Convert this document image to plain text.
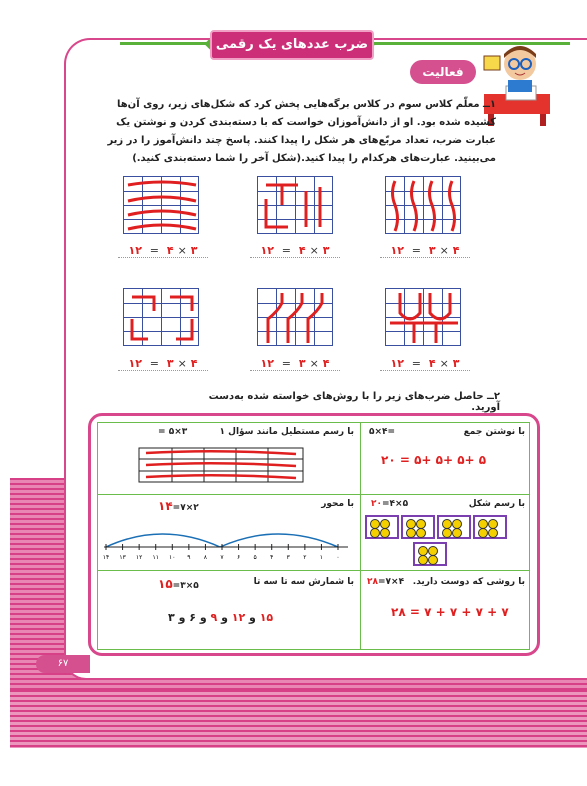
ضرب عددهای یک رقمی
فعالیت
۱ــ معلّم کلاس سوم در کلاس برگه‌هایی پخش کرد که شکل‌های زیر، روی آن‌ها کشیده شده بود. او از دانش‌آموزان خواست که با دسته‌بندی کردن و نوشتن یک عبارت ضرب، تعداد مربّع‌های هر شکل را پیدا کنند. پاسخ چند دانش‌آموز را در زیر می‌بینید. عبارت‌های هرکدام را پیدا کنید.(شکل آخر را شما دسته‌بندی کنید.)
۱۲ = ۳ × ۴
۱۲ = ۴ × ۳
۱۲ = ۴ × ۳
۱۲ = ۴ × ۳
۱۲ = ۳ × ۴
۱۲ = ۳ × ۴
۲ــ حاصل ضرب‌های زیر را با روش‌های خواسته شده به‌دست آورید.
با نوشتن جمع
=۴×۵
۵ +۵ +۵ +۵ = ۲۰
با رسم مستطیل مانند سؤال ۱
۳×۵ =
با رسم شکل
۵×۴=۲۰
با محور
۲×۷=۱۴
۱۴ ۱۳ ۱۲ ۱۱ ۱۰ ۹ ۸ ۷ ۶ ۵ ۴ ۳ ۲ ۱ ۰
با روشی که دوست دارید.
۴×۷=۲۸
۷ + ۷ + ۷ + ۷ = ۲۸
با شمارش سه تا سه تا
۵×۳=۱۵
۱۵ و ۱۲ و ۹ و ۶ و ۳
۶۷
